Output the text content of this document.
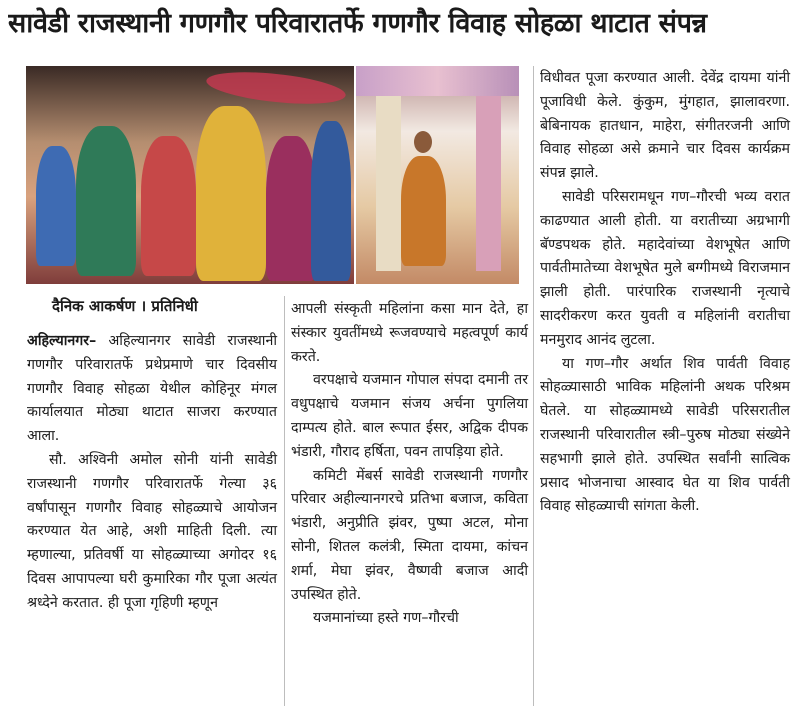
सावेडी राजस्थानी गणगौर परिवारातर्फे गणगौर विवाह सोहळा थाटात संपन्न
दैनिक आकर्षण । प्रतिनिधी

अहिल्यानगर– अहिल्यानगर सावेडी राजस्थानी गणगौर परिवारातर्फे प्रथेप्रमाणे चार दिवसीय गणगौर विवाह सोहळा येथील कोहिनूर मंगल कार्यालयात मोठ्या थाटात साजरा करण्यात आला.

सौ. अश्विनी अमोल सोनी यांनी सावेडी राजस्थानी गणगौर परिवारातर्फे गेल्या ३६ वर्षांपासून गणगौर विवाह सोहळ्याचे आयोजन करण्यात येत आहे, अशी माहिती दिली. त्या म्हणाल्या, प्रतिवर्षी या सोहळ्याच्या अगोदर १६ दिवस आपापल्या घरी कुमारिका गौर पूजा अत्यंत श्रध्देने करतात. ही पूजा गृहिणी म्हणून

आपली संस्कृती महिलांना कसा मान देते, हा संस्कार युवतींमध्ये रूजवण्याचे महत्वपूर्ण कार्य करते.

वरपक्षाचे यजमान गोपाल संपदा दमानी तर वधुपक्षाचे यजमान संजय अर्चना पुगलिया दाम्पत्य होते. बाल रूपात ईसर, अद्विक दीपक भंडारी, गौराद हर्षिता, पवन तापड़िया होते.

कमिटी मेंबर्स सावेडी राजस्थानी गणगौर परिवार अहील्यानगरचे प्रतिभा बजाज, कविता भंडारी, अनुप्रीति झंवर, पुष्पा अटल, मोना सोनी, शितल कलंत्री, स्मिता दायमा, कांचन शर्मा, मेघा झंवर, वैष्णवी बजाज आदी उपस्थित होते.

यजमानांच्या हस्ते गण–गौरची

विधीवत पूजा करण्यात आली. देवेंद्र दायमा यांनी पूजाविधी केले. कुंकुम, मुंगहात, झालावरणा. बेबिनायक हातधान, माहेरा, संगीतरजनी आणि विवाह सोहळा असे क्रमाने चार दिवस कार्यक्रम संपन्न झाले.

सावेडी परिसरामधून गण–गौरची भव्य वरात काढण्यात आली होती. या वरातीच्या अग्रभागी बॅण्डपथक होते. महादेवांच्या वेशभूषेत आणि पार्वतीमातेच्या वेशभूषेत मुले बग्गीमध्ये विराजमान झाली होती. पारंपारिक राजस्थानी नृत्याचे सादरीकरण करत युवती व महिलांनी वरातीचा मनमुराद आनंद लुटला.

या गण–गौर अर्थात शिव पार्वती विवाह सोहळ्यासाठी भाविक महिलांनी अथक परिश्रम घेतले. या सोहळ्यामध्ये सावेडी परिसरातील राजस्थानी परिवारातील स्त्री–पुरुष मोठ्या संख्येने सहभागी झाले होते. उपस्थित सर्वांनी सात्विक प्रसाद भोजनाचा आस्वाद घेत या शिव पार्वती विवाह सोहळ्याची सांगता केली.
